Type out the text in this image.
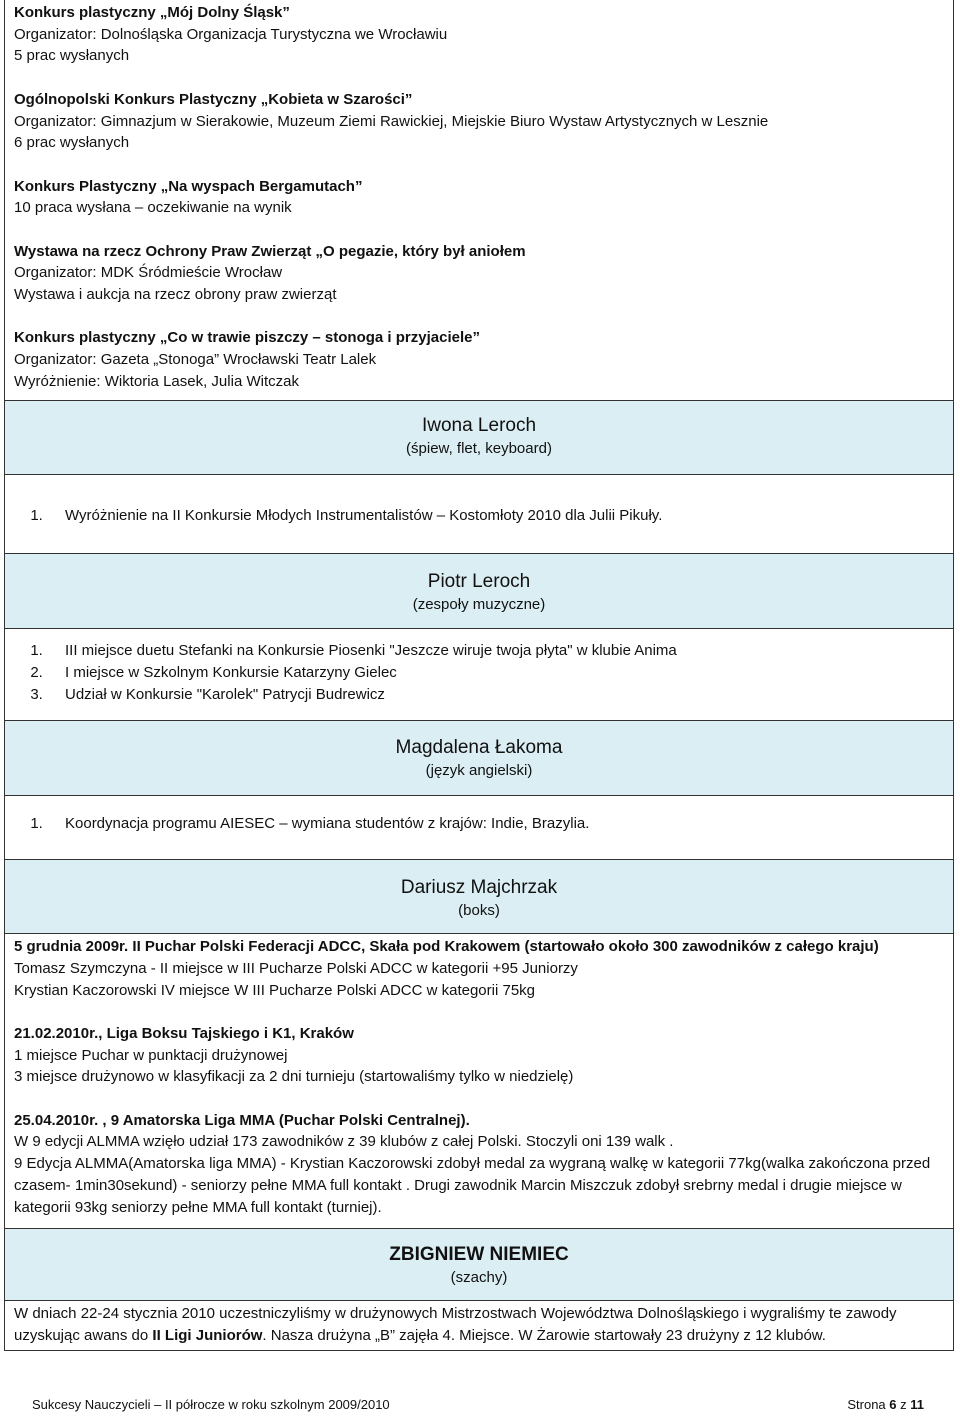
Konkurs plastyczny „Mój Dolny Śląsk”
Organizator: Dolnośląska Organizacja Turystyczna we Wrocławiu
5 prac wysłanych
Ogólnopolski Konkurs Plastyczny „Kobieta w Szarości”
Organizator: Gimnazjum w Sierakowie, Muzeum Ziemi Rawickiej, Miejskie Biuro Wystaw Artystycznych w Lesznie
6 prac wysłanych
Konkurs Plastyczny „Na wyspach Bergamutach”
10 praca wysłana – oczekiwanie na wynik
Wystawa na rzecz Ochrony Praw Zwierząt „O pegazie, który był aniołem
Organizator: MDK Śródmieście Wrocław
Wystawa i aukcja na rzecz obrony praw zwierząt
Konkurs plastyczny „Co w trawie piszczy – stonoga i przyjaciele”
Organizator: Gazeta „Stonoga” Wrocławski Teatr Lalek
Wyróżnienie: Wiktoria Lasek, Julia Witczak
Iwona Leroch
(śpiew, flet, keyboard)
1. Wyróżnienie na II Konkursie Młodych Instrumentalistów – Kostomłoty 2010 dla Julii Pikuły.
Piotr Leroch
(zespoły muzyczne)
1. III miejsce duetu Stefanki na Konkursie Piosenki "Jeszcze wiruje twoja płyta" w klubie Anima
2. I miejsce w Szkolnym Konkursie Katarzyny Gielec
3. Udział w Konkursie "Karolek" Patrycji Budrewicz
Magdalena Łakoma
(język angielski)
1. Koordynacja programu AIESEC – wymiana studentów z krajów: Indie, Brazylia.
Dariusz Majchrzak
(boks)
5 grudnia 2009r. II Puchar Polski Federacji ADCC, Skała pod Krakowem (startowało około 300 zawodników z całego kraju)
Tomasz Szymczyna - II miejsce w III Pucharze Polski ADCC w kategorii +95 Juniorzy
Krystian Kaczorowski IV miejsce W III Pucharze Polski ADCC w kategorii 75kg
21.02.2010r., Liga Boksu Tajskiego i K1, Kraków
1 miejsce Puchar w punktacji drużynowej
3 miejsce drużynowo w klasyfikacji za 2 dni turnieju (startowaliśmy tylko w niedzielę)
25.04.2010r. , 9 Amatorska Liga MMA (Puchar Polski Centralnej).
W 9 edycji ALMMA wzięło udział 173 zawodników z 39 klubów z całej Polski. Stoczyli oni 139 walk .
9 Edycja ALMMA(Amatorska liga MMA) - Krystian Kaczorowski zdobył medal za wygraną walkę w kategorii 77kg(walka zakończona przed czasem- 1min30sekund) - seniorzy pełne MMA full kontakt . Drugi zawodnik Marcin Miszczuk zdobył srebrny medal i drugie miejsce w kategorii 93kg seniorzy pełne MMA full kontakt (turniej).
ZBIGNIEW NIEMIEC
(szachy)
W dniach 22-24 stycznia 2010 uczestniczyliśmy w drużynowych Mistrzostwach Województwa Dolnośląskiego i wygraliśmy te zawody uzyskując awans do II Ligi Juniorów. Nasza drużyna „B” zajęła 4. Miejsce. W Żarowie startowały 23 drużyny z 12 klubów.
Sukcesy Nauczycieli – II półrocze w roku szkolnym 2009/2010	Strona 6 z 11
